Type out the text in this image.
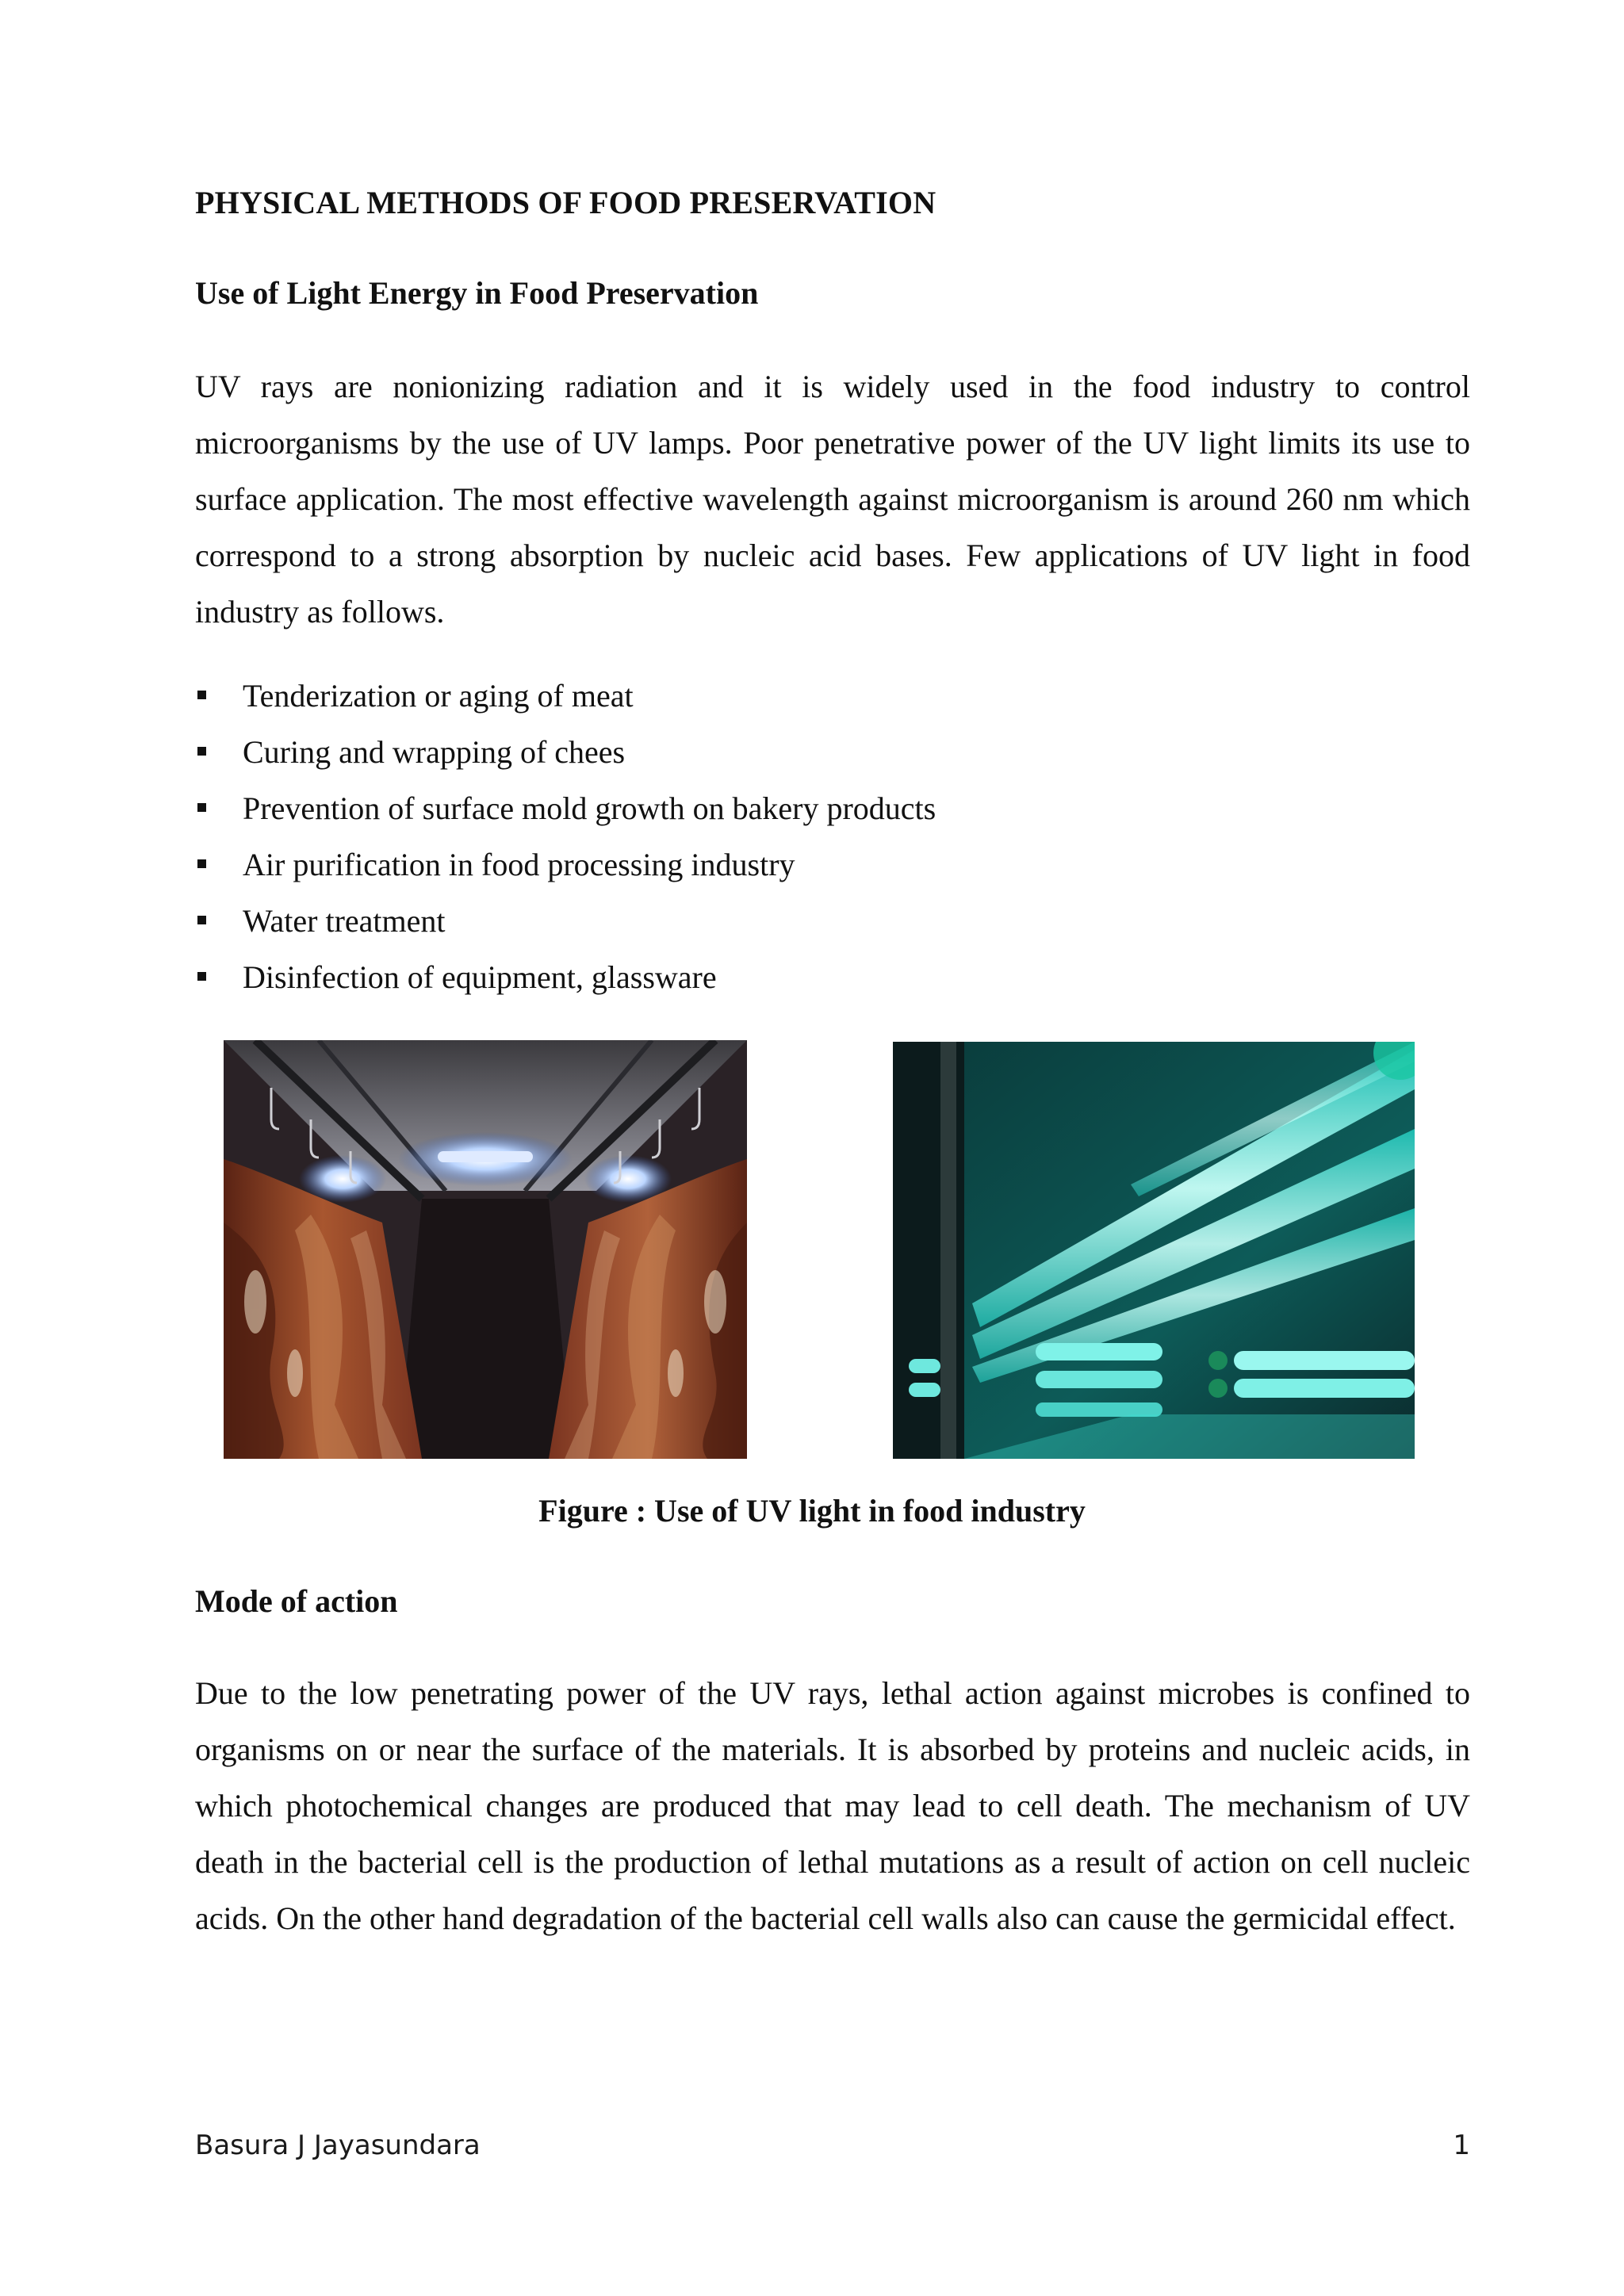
PHYSICAL METHODS OF FOOD PRESERVATION
Use of Light Energy in Food Preservation

UV rays are nonionizing radiation and it is widely used in the food industry to control microorganisms by the use of UV lamps. Poor penetrative power of the UV light limits its use to surface application. The most effective wavelength against microorganism is around 260 nm which correspond to a strong absorption by nucleic acid bases. Few applications of UV light in food industry as follows.

Tenderization or aging of meat
Curing and wrapping of chees
Prevention of surface mold growth on bakery products
Air purification in food processing industry
Water treatment
Disinfection of equipment, glassware
Figure : Use of UV light in food industry
Mode of action

Due to the low penetrating power of the UV rays, lethal action against microbes is confined to organisms on or near the surface of the materials. It is absorbed by proteins and nucleic acids, in which photochemical changes are produced that may lead to cell death. The mechanism of UV death in the bacterial cell is the production of lethal mutations as a result of action on cell nucleic acids. On the other hand degradation of the bacterial cell walls also can cause the germicidal effect.

Basura J Jayasundara	1
